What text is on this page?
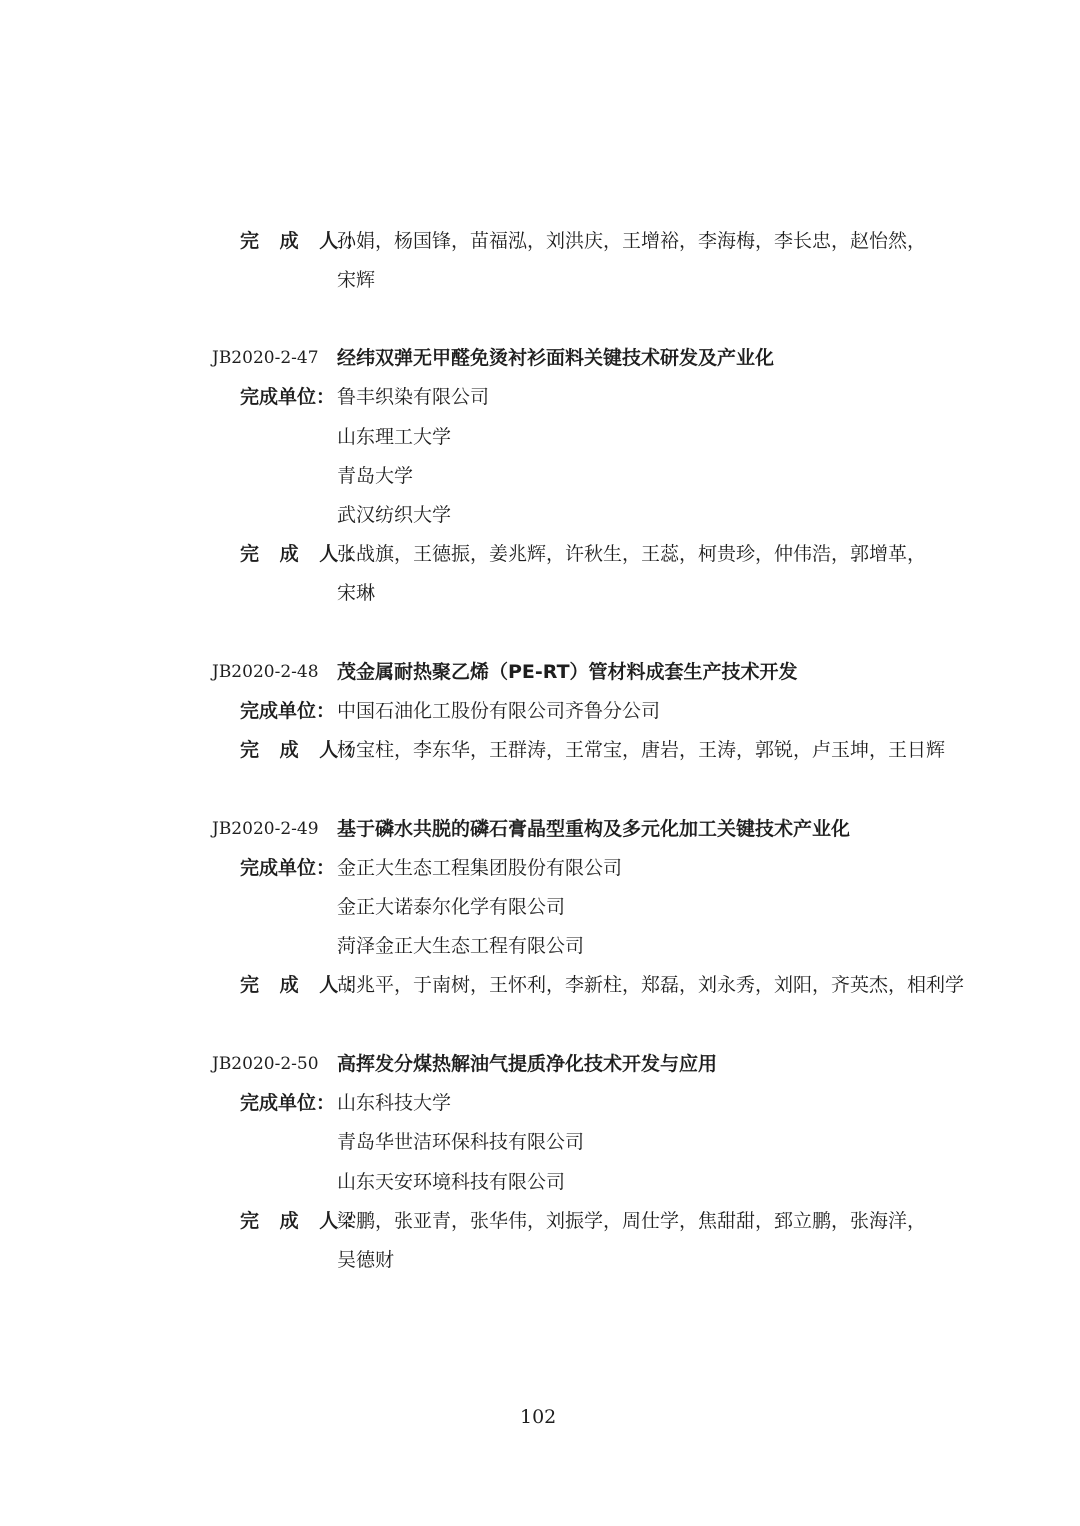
完 成 人：
孙娟，杨国锋，苗福泓，刘洪庆，王增裕，李海梅，李长忠，赵怡然，
宋辉
JB2020-2-47 经纬双弹无甲醛免烫衬衫面料关键技术研发及产业化
完成单位： 鲁丰织染有限公司
山东理工大学
青岛大学
武汉纺织大学
完 成 人：
张战旗，王德振，姜兆辉，许秋生，王蕊，柯贵珍，仲伟浩，郭增革，
宋琳
JB2020-2-48 茂金属耐热聚乙烯（PE-RT）管材料成套生产技术开发
完成单位： 中国石油化工股份有限公司齐鲁分公司
完 成 人：
杨宝柱，李东华，王群涛，王常宝，唐岩，王涛，郭锐，卢玉坤，王日辉
JB2020-2-49 基于磷水共脱的磷石膏晶型重构及多元化加工关键技术产业化
完成单位： 金正大生态工程集团股份有限公司
金正大诺泰尔化学有限公司
菏泽金正大生态工程有限公司
完 成 人：
胡兆平，于南树，王怀利，李新柱，郑磊，刘永秀，刘阳，齐英杰，相利学
JB2020-2-50 高挥发分煤热解油气提质净化技术开发与应用
完成单位： 山东科技大学
青岛华世洁环保科技有限公司
山东天安环境科技有限公司
完 成 人：
梁鹏，张亚青，张华伟，刘振学，周仕学，焦甜甜，郅立鹏，张海洋，
吴德财
102
